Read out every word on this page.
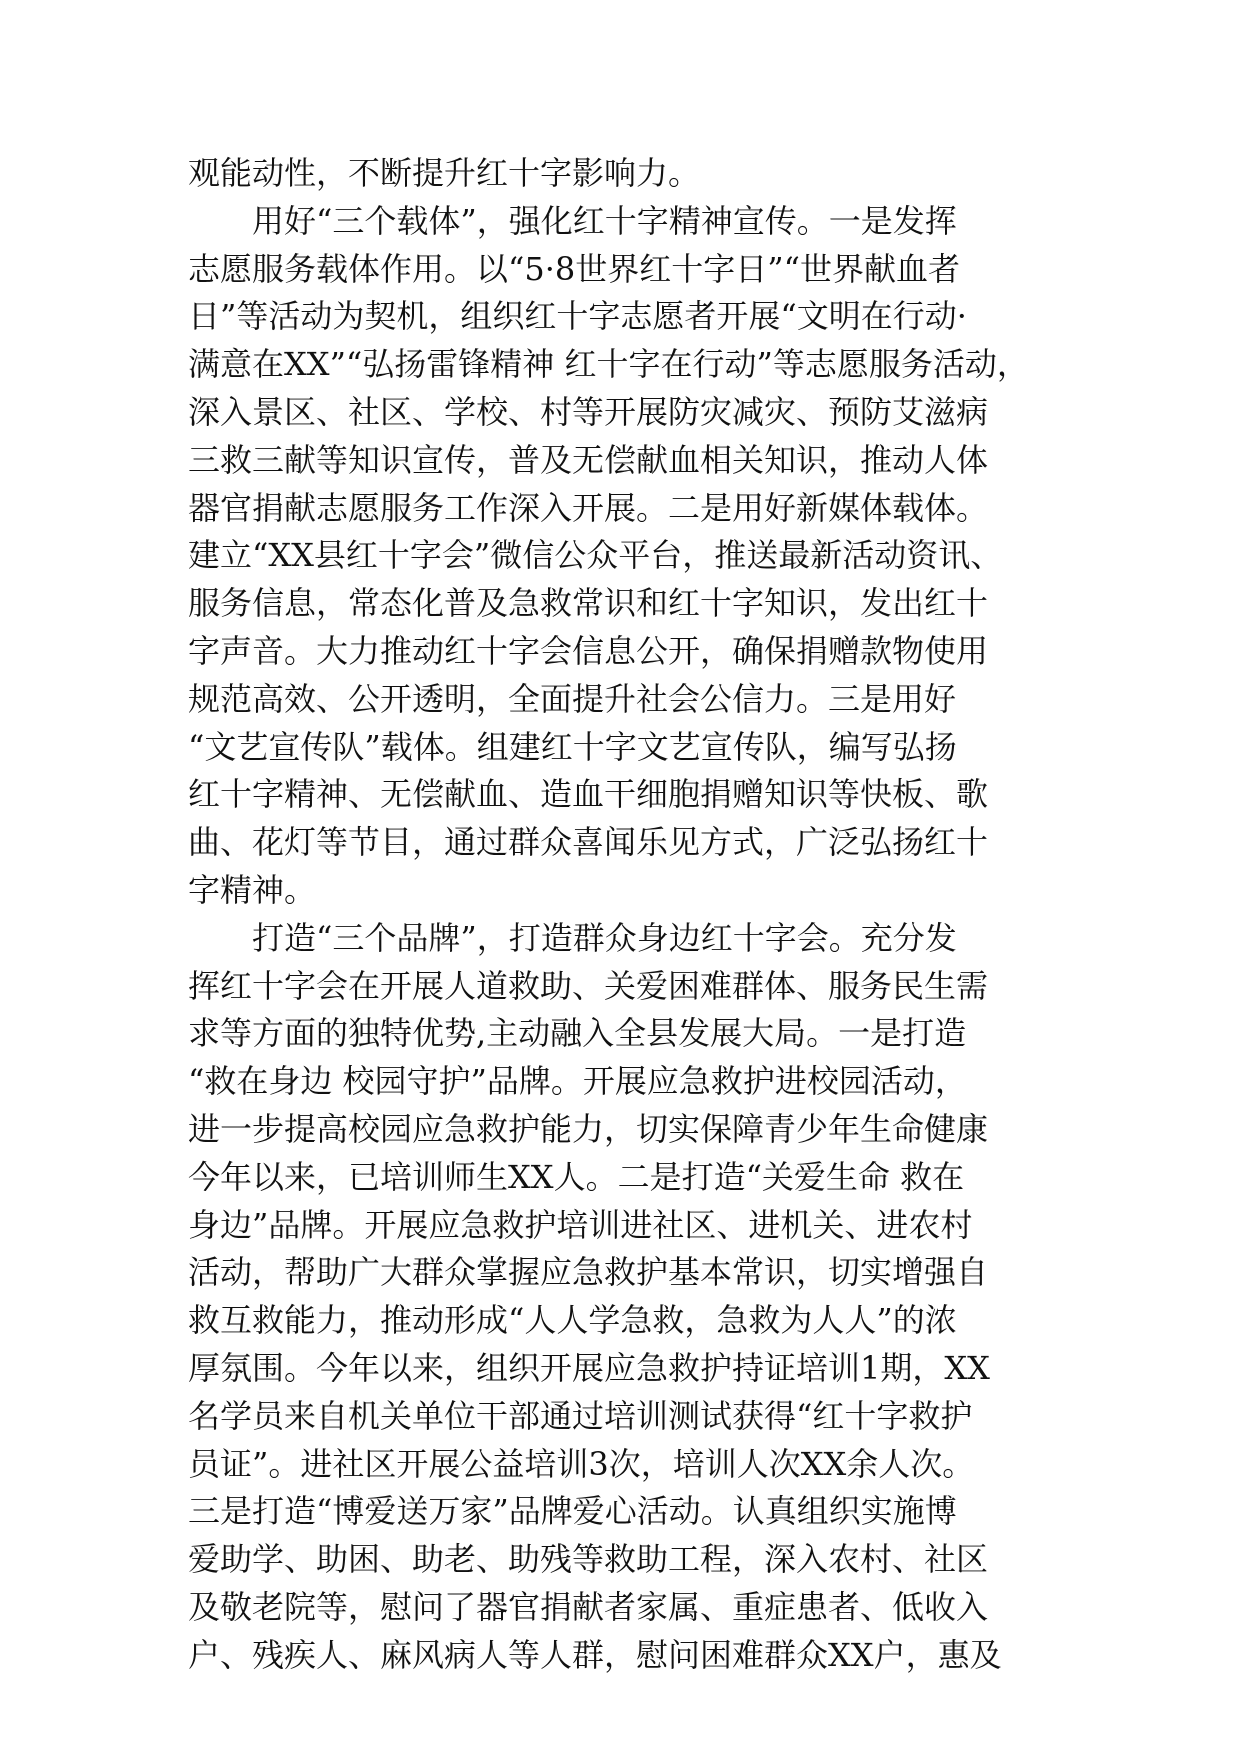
观能动性，不断提升红十字影响力。
　　用好“三个载体”，强化红十字精神宣传。一是发挥
志愿服务载体作用。以“5·8世界红十字日”“世界献血者
日”等活动为契机，组织红十字志愿者开展“文明在行动·
满意在XX”“弘扬雷锋精神 红十字在行动”等志愿服务活动，
深入景区、社区、学校、村等开展防灾减灾、预防艾滋病
三救三献等知识宣传，普及无偿献血相关知识，推动人体
器官捐献志愿服务工作深入开展。二是用好新媒体载体。
建立“XX县红十字会”微信公众平台，推送最新活动资讯、
服务信息，常态化普及急救常识和红十字知识，发出红十
字声音。大力推动红十字会信息公开，确保捐赠款物使用
规范高效、公开透明，全面提升社会公信力。三是用好
“文艺宣传队”载体。组建红十字文艺宣传队，编写弘扬
红十字精神、无偿献血、造血干细胞捐赠知识等快板、歌
曲、花灯等节目，通过群众喜闻乐见方式，广泛弘扬红十
字精神。
　　打造“三个品牌”，打造群众身边红十字会。充分发
挥红十字会在开展人道救助、关爱困难群体、服务民生需
求等方面的独特优势,主动融入全县发展大局。一是打造
“救在身边 校园守护”品牌。开展应急救护进校园活动，
进一步提高校园应急救护能力，切实保障青少年生命健康
今年以来，已培训师生XX人。二是打造“关爱生命 救在
身边”品牌。开展应急救护培训进社区、进机关、进农村
活动，帮助广大群众掌握应急救护基本常识，切实增强自
救互救能力，推动形成“人人学急救，急救为人人”的浓
厚氛围。今年以来，组织开展应急救护持证培训1期，XX
名学员来自机关单位干部通过培训测试获得“红十字救护
员证”。进社区开展公益培训3次，培训人次XX余人次。
三是打造“博爱送万家”品牌爱心活动。认真组织实施博
爱助学、助困、助老、助残等救助工程，深入农村、社区
及敬老院等，慰问了器官捐献者家属、重症患者、低收入
户、残疾人、麻风病人等人群，慰问困难群众XX户，惠及
